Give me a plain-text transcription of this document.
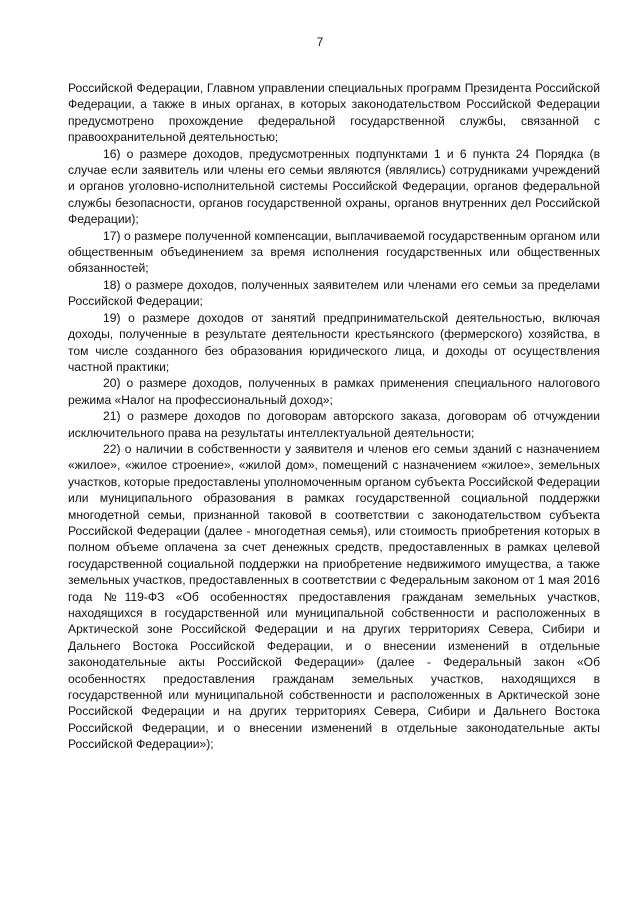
7

Российской Федерации, Главном управлении специальных программ Президента Российской Федерации, а также в иных органах, в которых законодательством Российской Федерации предусмотрено прохождение федеральной государственной службы, связанной с правоохранительной деятельностью;

16) о размере доходов, предусмотренных подпунктами 1 и 6 пункта 24 Порядка (в случае если заявитель или члены его семьи являются (являлись) сотрудниками учреждений и органов уголовно-исполнительной системы Российской Федерации, органов федеральной службы безопасности, органов государственной охраны, органов внутренних дел Российской Федерации);

17) о размере полученной компенсации, выплачиваемой государственным органом или общественным объединением за время исполнения государственных или общественных обязанностей;

18) о размере доходов, полученных заявителем или членами его семьи за пределами Российской Федерации;

19) о размере доходов от занятий предпринимательской деятельностью, включая доходы, полученные в результате деятельности крестьянского (фермерского) хозяйства, в том числе созданного без образования юридического лица, и доходы от осуществления частной практики;

20) о размере доходов, полученных в рамках применения специального налогового режима «Налог на профессиональный доход»;

21) о размере доходов по договорам авторского заказа, договорам об отчуждении исключительного права на результаты интеллектуальной деятельности;

22) о наличии в собственности у заявителя и членов его семьи зданий с назначением «жилое», «жилое строение», «жилой дом», помещений с назначением «жилое», земельных участков, которые предоставлены уполномоченным органом субъекта Российской Федерации или муниципального образования в рамках государственной социальной поддержки многодетной семьи, признанной таковой в соответствии с законодательством субъекта Российской Федерации (далее - многодетная семья), или стоимость приобретения которых в полном объеме оплачена за счет денежных средств, предоставленных в рамках целевой государственной социальной поддержки на приобретение недвижимого имущества, а также земельных участков, предоставленных в соответствии с Федеральным законом от 1 мая 2016 года №119-ФЗ «Об особенностях предоставления гражданам земельных участков, находящихся в государственной или муниципальной собственности и расположенных в Арктической зоне Российской Федерации и на других территориях Севера, Сибири и Дальнего Востока Российской Федерации, и о внесении изменений в отдельные законодательные акты Российской Федерации» (далее - Федеральный закон «Об особенностях предоставления гражданам земельных участков, находящихся в государственной или муниципальной собственности и расположенных в Арктической зоне Российской Федерации и на других территориях Севера, Сибири и Дальнего Востока Российской Федерации, и о внесении изменений в отдельные законодательные акты Российской Федерации»);
